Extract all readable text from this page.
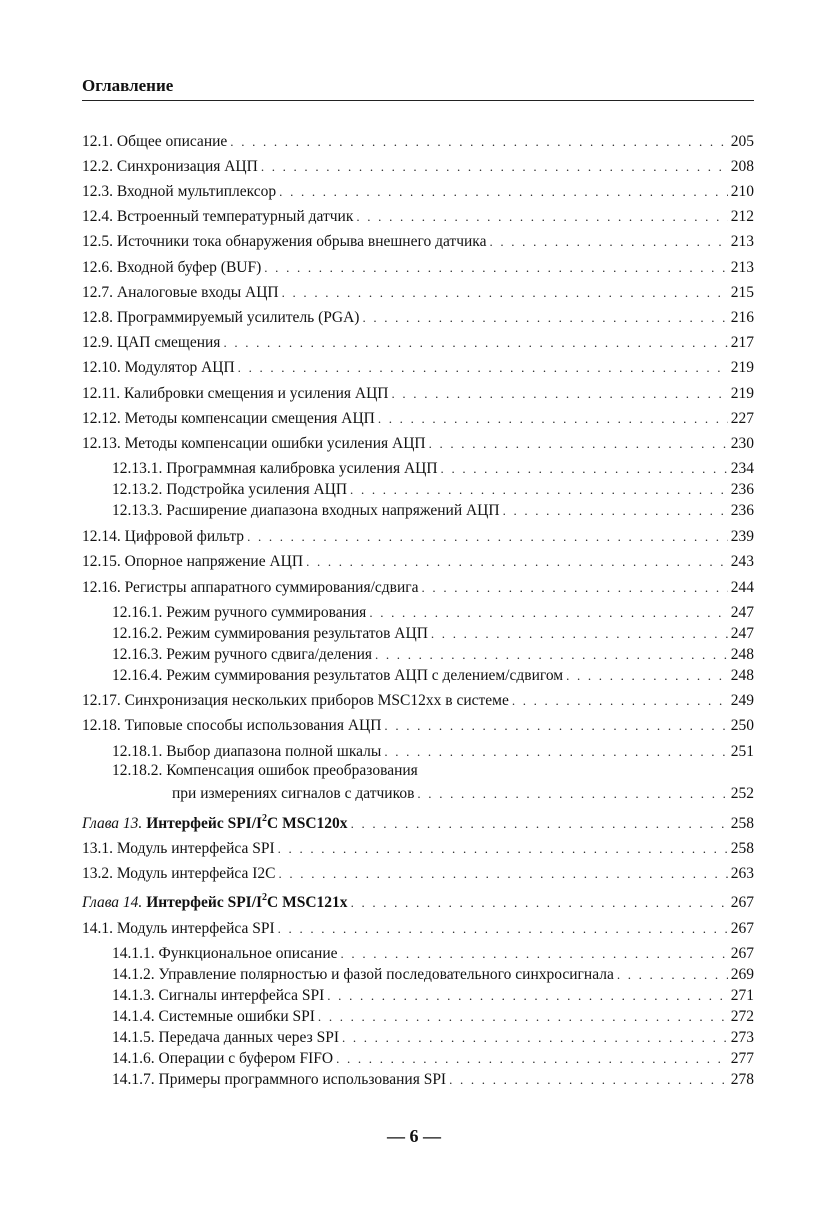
Оглавление
12.1. Общее описание . . .	205
12.2. Синхронизация АЦП . . .	208
12.3. Входной мультиплексор . . .	210
12.4. Встроенный температурный датчик . . .	212
12.5. Источники тока обнаружения обрыва внешнего датчика . . .	213
12.6. Входной буфер (BUF) . . .	213
12.7. Аналоговые входы АЦП . . .	215
12.8. Программируемый усилитель (PGA) . . .	216
12.9. ЦАП смещения . . .	217
12.10. Модулятор АЦП . . .	219
12.11. Калибровки смещения и усиления АЦП . . .	219
12.12. Методы компенсации смещения АЦП . . .	227
12.13. Методы компенсации ошибки усиления АЦП . . .	230
12.13.1. Программная калибровка усиления АЦП . . .	234
12.13.2. Подстройка усиления АЦП . . .	236
12.13.3. Расширение диапазона входных напряжений АЦП . . .	236
12.14. Цифровой фильтр . . .	239
12.15. Опорное напряжение АЦП . . .	243
12.16. Регистры аппаратного суммирования/сдвига . . .	244
12.16.1. Режим ручного суммирования . . .	247
12.16.2. Режим суммирования результатов АЦП . . .	247
12.16.3. Режим ручного сдвига/деления . . .	248
12.16.4. Режим суммирования результатов АЦП с делением/сдвигом . . .	248
12.17. Синхронизация нескольких приборов MSC12xx в системе . . .	249
12.18. Типовые способы использования АЦП . . .	250
12.18.1. Выбор диапазона полной шкалы . . .	251
12.18.2. Компенсация ошибок преобразования
при измерениях сигналов с датчиков . . .	252
Глава 13. Интерфейс SPI/$I^2C$ MSC120x . . .	258
13.1. Модуль интерфейса SPI . . .	258
13.2. Модуль интерфейса I2C . . .	263
Глава 14. Интерфейс SPI/$I^2C$ MSC121x . . .	267
14.1. Модуль интерфейса SPI . . .	267
14.1.1. Функциональное описание . . .	267
14.1.2. Управление полярностью и фазой последовательного синхросигнала . . .	269
14.1.3. Сигналы интерфейса SPI . . .	271
14.1.4. Системные ошибки SPI . . .	272
14.1.5. Передача данных через SPI . . .	273
14.1.6. Операции с буфером FIFO . . .	277
14.1.7. Примеры программного использования SPI . . .	278
— 6 —
